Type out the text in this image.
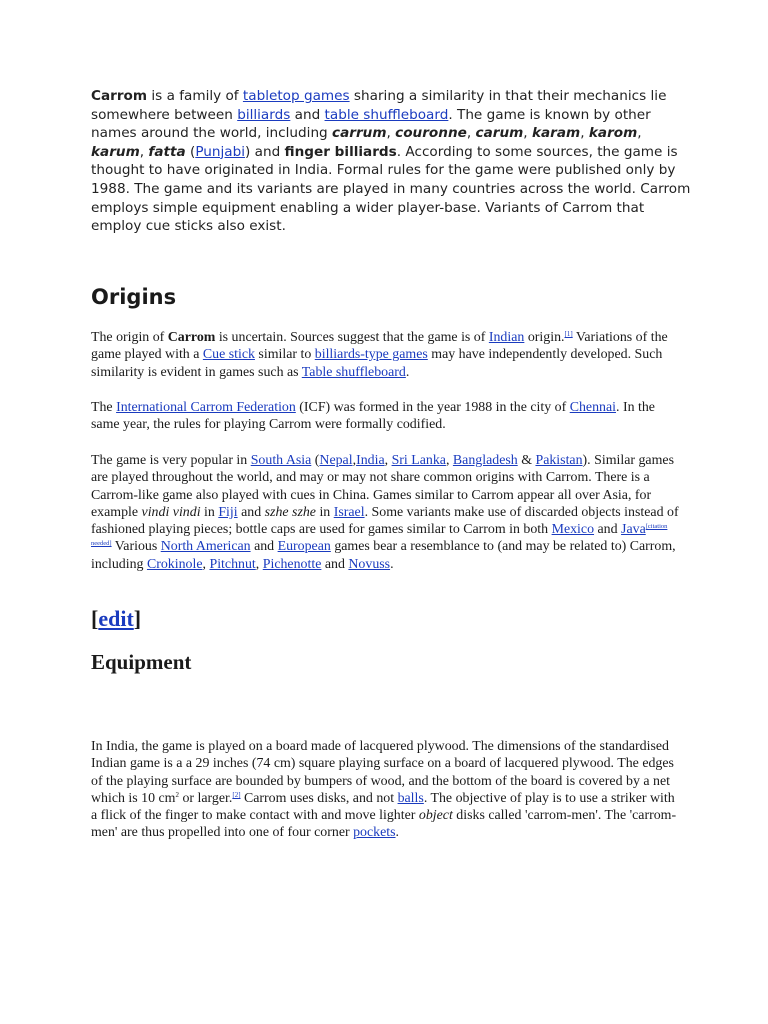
Carrom is a family of tabletop games sharing a similarity in that their mechanics lie somewhere between billiards and table shuffleboard. The game is known by other names around the world, including carrum, couronne, carum, karam, karom, karum, fatta (Punjabi) and finger billiards. According to some sources, the game is thought to have originated in India. Formal rules for the game were published only by 1988. The game and its variants are played in many countries across the world. Carrom employs simple equipment enabling a wider player-base. Variants of Carrom that employ cue sticks also exist.

Origins

The origin of Carrom is uncertain. Sources suggest that the game is of Indian origin.[1] Variations of the game played with a Cue stick similar to billiards-type games may have independently developed. Such similarity is evident in games such as Table shuffleboard.

The International Carrom Federation (ICF) was formed in the year 1988 in the city of Chennai. In the same year, the rules for playing Carrom were formally codified.

The game is very popular in South Asia (Nepal,India, Sri Lanka, Bangladesh & Pakistan). Similar games are played throughout the world, and may or may not share common origins with Carrom. There is a Carrom-like game also played with cues in China. Games similar to Carrom appear all over Asia, for example vindi vindi in Fiji and szhe szhe in Israel. Some variants make use of discarded objects instead of fashioned playing pieces; bottle caps are used for games similar to Carrom in both Mexico and Java[citation needed] Various North American and European games bear a resemblance to (and may be related to) Carrom, including Crokinole, Pitchnut, Pichenotte and Novuss.

[edit]
Equipment

In India, the game is played on a board made of lacquered plywood. The dimensions of the standardised Indian game is a a 29 inches (74 cm) square playing surface on a board of lacquered plywood. The edges of the playing surface are bounded by bumpers of wood, and the bottom of the board is covered by a net which is 10 $cm^2$ or larger.[2] Carrom uses disks, and not balls. The objective of play is to use a striker with a flick of the finger to make contact with and move lighter object disks called 'carrom-men'. The 'carrom-men' are thus propelled into one of four corner pockets.
